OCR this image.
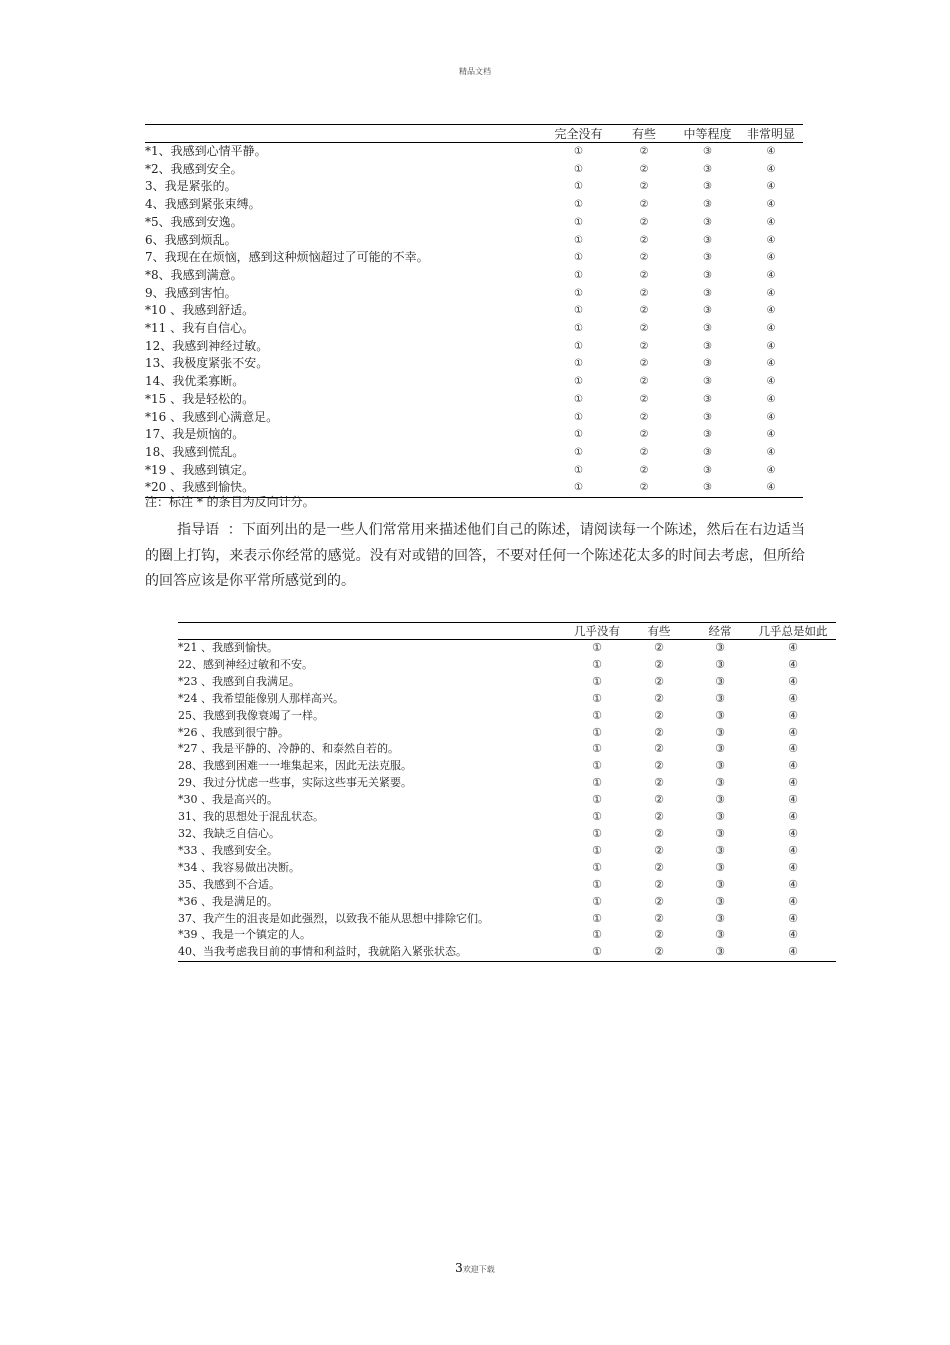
精品文档
	完全没有	有些	中等程度	非常明显
*1、我感到心情平静。	①	②	③	④
*2、我感到安全。	①	②	③	④
3、我是紧张的。	①	②	③	④
4、我感到紧张束缚。	①	②	③	④
*5、我感到安逸。	①	②	③	④
6、我感到烦乱。	①	②	③	④
7、我现在在烦恼，感到这种烦恼超过了可能的不幸。	①	②	③	④
*8、我感到满意。	①	②	③	④
9、我感到害怕。	①	②	③	④
*10 、我感到舒适。	①	②	③	④
*11 、我有自信心。	①	②	③	④
12、我感到神经过敏。	①	②	③	④
13、我极度紧张不安。	①	②	③	④
14、我优柔寡断。	①	②	③	④
*15 、我是轻松的。	①	②	③	④
*16 、我感到心满意足。	①	②	③	④
17、我是烦恼的。	①	②	③	④
18、我感到慌乱。	①	②	③	④
*19 、我感到镇定。	①	②	③	④
*20 、我感到愉快。	①	②	③	④
注：标注 * 的条目为反向计分。
指导语 ：下面列出的是一些人们常常用来描述他们自己的陈述，请阅读每一个陈述，然后在右边适当的圈上打钩，来表示你经常的感觉。没有对或错的回答，不要对任何一个陈述花太多的时间去考虑，但所给的回答应该是你平常所感觉到的。
	几乎没有	有些	经常	几乎总是如此
*21 、我感到愉快。	①	②	③	④
22、感到神经过敏和不安。	①	②	③	④
*23 、我感到自我满足。	①	②	③	④
*24 、我希望能像别人那样高兴。	①	②	③	④
25、我感到我像衰竭了一样。	①	②	③	④
*26 、我感到很宁静。	①	②	③	④
*27 、我是平静的、冷静的、和泰然自若的。	①	②	③	④
28、我感到困难一一堆集起来，因此无法克服。	①	②	③	④
29、我过分忧虑一些事，实际这些事无关紧要。	①	②	③	④
*30 、我是高兴的。	①	②	③	④
31、我的思想处于混乱状态。	①	②	③	④
32、我缺乏自信心。	①	②	③	④
*33 、我感到安全。	①	②	③	④
*34 、我容易做出决断。	①	②	③	④
35、我感到不合适。	①	②	③	④
*36 、我是满足的。	①	②	③	④
37、我产生的沮丧是如此强烈，以致我不能从思想中排除它们。	①	②	③	④
*39 、我是一个镇定的人。	①	②	③	④
40、当我考虑我目前的事情和利益时，我就陷入紧张状态。	①	②	③	④
3欢迎下载
